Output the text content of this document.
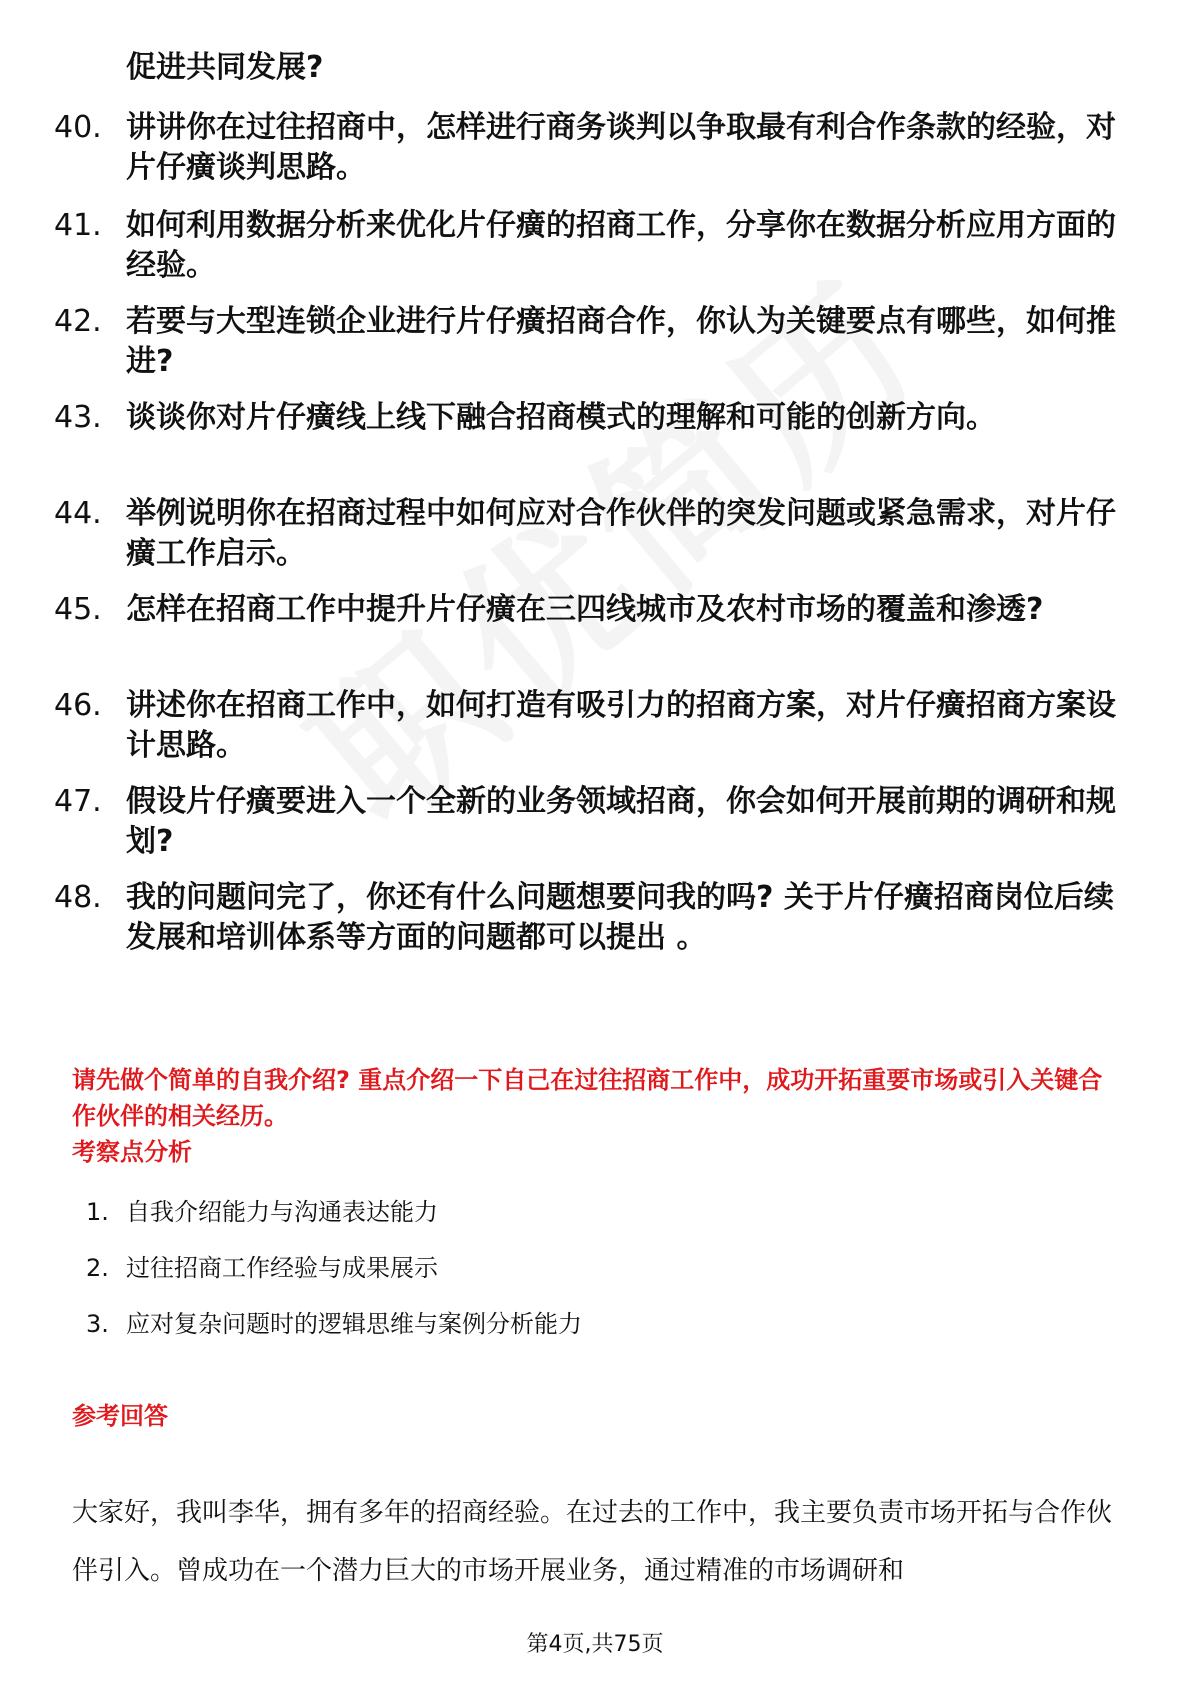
促进共同发展?
40. 讲讲你在过往招商中，怎样进行商务谈判以争取最有利合作条款的经验，对片仔癀谈判思路。
41. 如何利用数据分析来优化片仔癀的招商工作，分享你在数据分析应用方面的经验。
42. 若要与大型连锁企业进行片仔癀招商合作，你认为关键要点有哪些，如何推进?
43. 谈谈你对片仔癀线上线下融合招商模式的理解和可能的创新方向。
44. 举例说明你在招商过程中如何应对合作伙伴的突发问题或紧急需求，对片仔癀工作启示。
45. 怎样在招商工作中提升片仔癀在三四线城市及农村市场的覆盖和渗透?
46. 讲述你在招商工作中，如何打造有吸引力的招商方案，对片仔癀招商方案设计思路。
47. 假设片仔癀要进入一个全新的业务领域招商，你会如何开展前期的调研和规划?
48. 我的问题问完了，你还有什么问题想要问我的吗? 关于片仔癀招商岗位后续发展和培训体系等方面的问题都可以提出 。
请先做个简单的自我介绍? 重点介绍一下自己在过往招商工作中，成功开拓重要市场或引入关键合作伙伴的相关经历。
考察点分析
1. 自我介绍能力与沟通表达能力
2. 过往招商工作经验与成果展示
3. 应对复杂问题时的逻辑思维与案例分析能力
参考回答
大家好，我叫李华，拥有多年的招商经验。在过去的工作中，我主要负责市场开拓与合作伙伴引入。曾成功在一个潜力巨大的市场开展业务，通过精准的市场调研和
第4页,共75页
